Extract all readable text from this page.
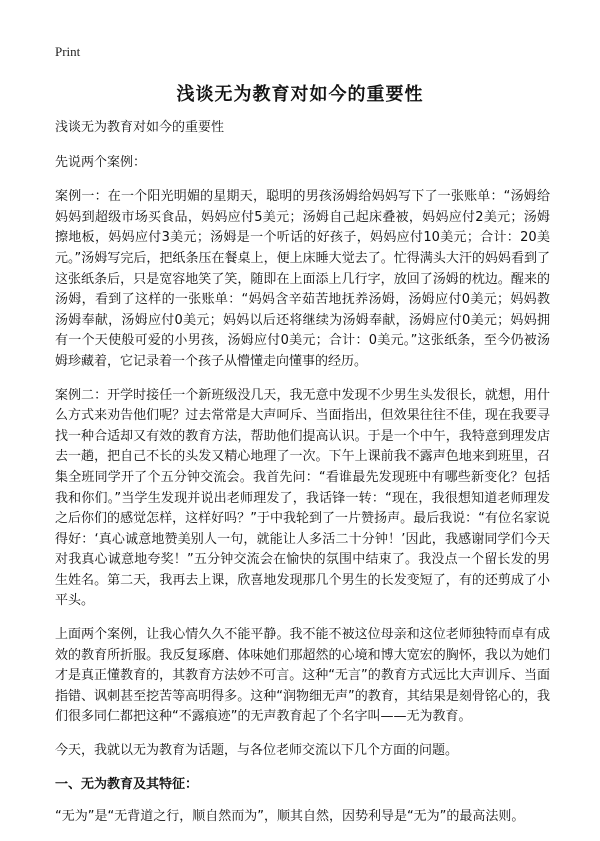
Print
浅谈无为教育对如今的重要性

浅谈无为教育对如今的重要性

先说两个案例：

案例一：在一个阳光明媚的星期天，聪明的男孩汤姆给妈妈写下了一张账单：“汤姆给妈妈到超级市场买食品，妈妈应付5美元；汤姆自己起床叠被，妈妈应付2美元；汤姆擦地板，妈妈应付3美元；汤姆是一个听话的好孩子，妈妈应付10美元；合计：20美元。”汤姆写完后，把纸条压在餐桌上，便上床睡大觉去了。忙得满头大汗的妈妈看到了这张纸条后，只是宽容地笑了笑，随即在上面添上几行字，放回了汤姆的枕边。醒来的汤姆，看到了这样的一张账单：“妈妈含辛茹苦地抚养汤姆，汤姆应付0美元；妈妈教汤姆奉献，汤姆应付0美元；妈妈以后还将继续为汤姆奉献，汤姆应付0美元；妈妈拥有一个天使般可爱的小男孩，汤姆应付0美元；合计：0美元。”这张纸条，至今仍被汤姆珍藏着，它记录着一个孩子从懵懂走向懂事的经历。

案例二：开学时接任一个新班级没几天，我无意中发现不少男生头发很长，就想，用什么方式来劝告他们呢？过去常常是大声呵斥、当面指出，但效果往往不佳，现在我要寻找一种合适却又有效的教育方法，帮助他们提高认识。于是一个中午，我特意到理发店去一趟，把自己不长的头发又精心地理了一次。下午上课前我不露声色地来到班里，召集全班同学开了个五分钟交流会。我首先问：“看谁最先发现班中有哪些新变化？包括我和你们。”当学生发现并说出老师理发了，我话锋一转：“现在，我很想知道老师理发之后你们的感觉怎样，这样好吗？”于中我轮到了一片赞扬声。最后我说：“有位名家说得好：‘真心诚意地赞美别人一句，就能让人多活二十分钟！’因此，我感谢同学们今天对我真心诚意地夸奖！”五分钟交流会在愉快的氛围中结束了。我没点一个留长发的男生姓名。第二天，我再去上课，欣喜地发现那几个男生的长发变短了，有的还剪成了小平头。

上面两个案例，让我心情久久不能平静。我不能不被这位母亲和这位老师独特而卓有成效的教育所折服。我反复琢磨、体味她们那超然的心境和博大宽宏的胸怀，我以为她们才是真正懂教育的，其教育方法妙不可言。这种“无言”的教育方式远比大声训斥、当面指错、讽刺甚至挖苦等高明得多。这种“润物细无声”的教育，其结果是刻骨铭心的，我们很多同仁都把这种“不露痕迹”的无声教育起了个名字叫——无为教育。

今天，我就以无为教育为话题，与各位老师交流以下几个方面的问题。

一、无为教育及其特征：

“无为”是“无背道之行，顺自然而为”，顺其自然，因势利导是“无为”的最高法则。
